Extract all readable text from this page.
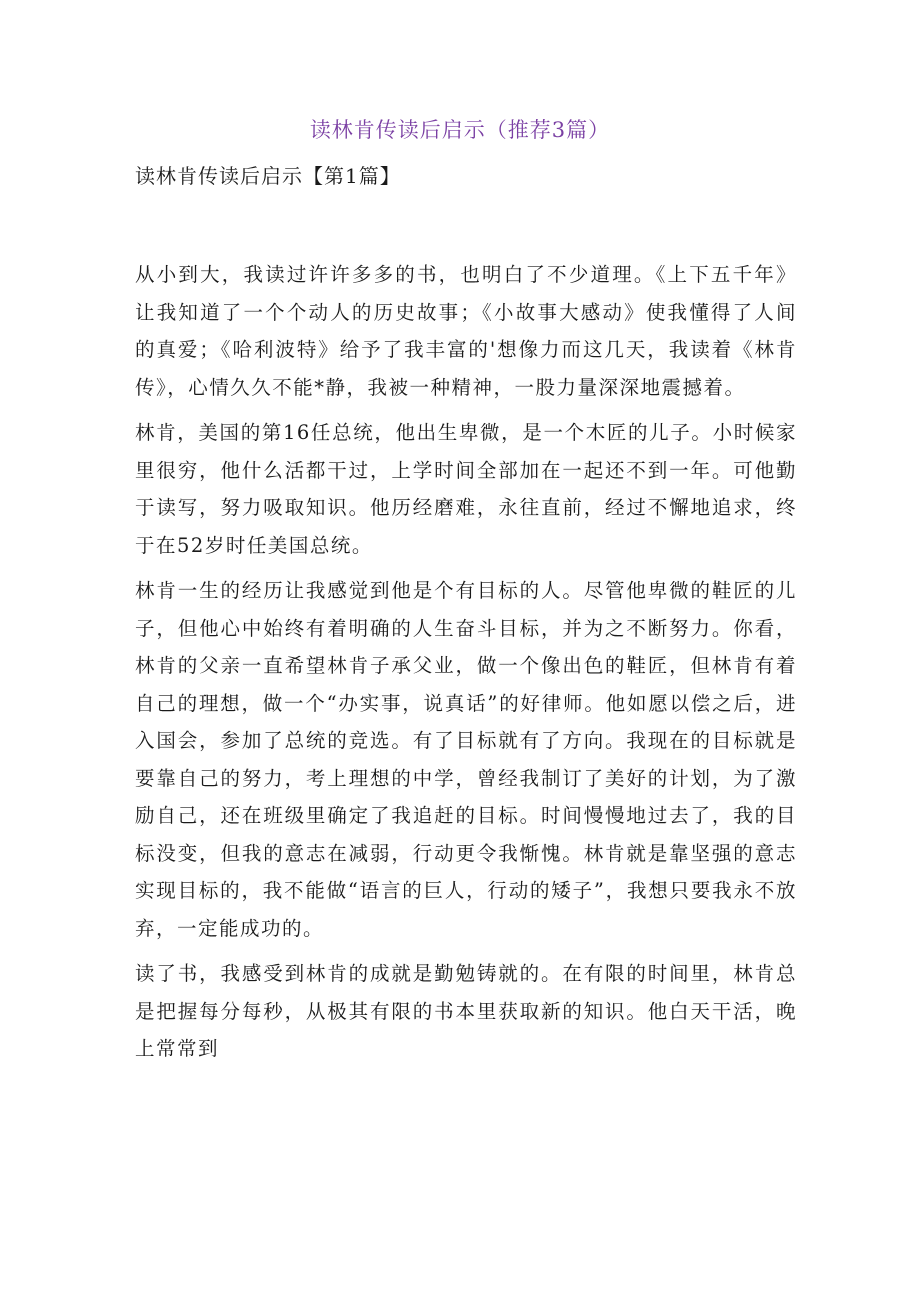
读林肯传读后启示（推荐3篇）
读林肯传读后启示【第1篇】

从小到大，我读过许许多多的书，也明白了不少道理。《上下五千年》让我知道了一个个动人的历史故事；《小故事大感动》使我懂得了人间的真爱；《哈利波特》给予了我丰富的'想像力而这几天，我读着《林肯传》，心情久久不能*静，我被一种精神，一股力量深深地震撼着。

林肯，美国的第16任总统，他出生卑微，是一个木匠的儿子。小时候家里很穷，他什么活都干过，上学时间全部加在一起还不到一年。可他勤于读写，努力吸取知识。他历经磨难，永往直前，经过不懈地追求，终于在52岁时任美国总统。

林肯一生的经历让我感觉到他是个有目标的人。尽管他卑微的鞋匠的儿子，但他心中始终有着明确的人生奋斗目标，并为之不断努力。你看，林肯的父亲一直希望林肯子承父业，做一个像出色的鞋匠，但林肯有着自己的理想，做一个“办实事，说真话”的好律师。他如愿以偿之后，进入国会，参加了总统的竞选。有了目标就有了方向。我现在的目标就是要靠自己的努力，考上理想的中学，曾经我制订了美好的计划，为了激励自己，还在班级里确定了我追赶的目标。时间慢慢地过去了，我的目标没变，但我的意志在减弱，行动更令我惭愧。林肯就是靠坚强的意志实现目标的，我不能做“语言的巨人，行动的矮子”，我想只要我永不放弃，一定能成功的。

读了书，我感受到林肯的成就是勤勉铸就的。在有限的时间里，林肯总是把握每分每秒，从极其有限的书本里获取新的知识。他白天干活，晚上常常到
